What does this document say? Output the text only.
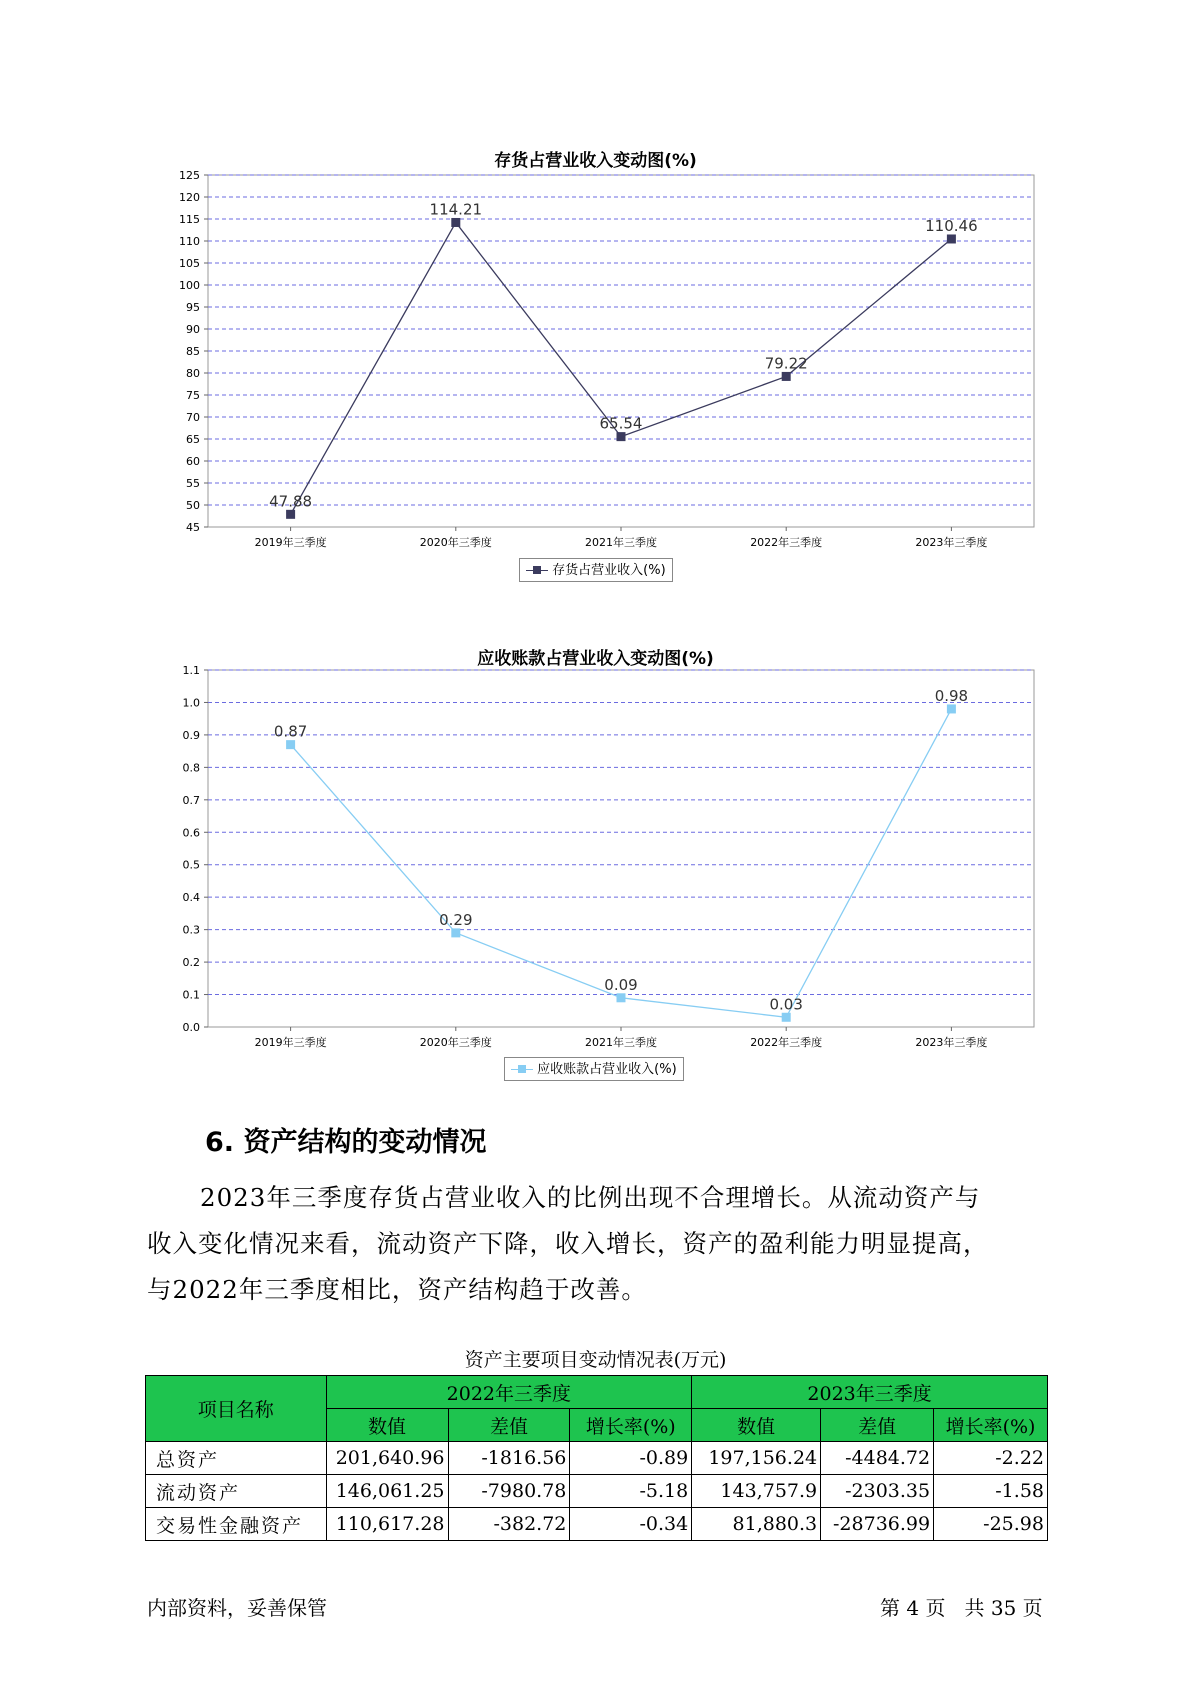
存货占营业收入变动图(%)
45
50
55
60
65
70
75
80
85
90
95
100
105
110
115
120
125
2019年三季度	2020年三季度	2021年三季度	2022年三季度	2023年三季度
47.88
114.21
65.54
79.22
110.46
存货占营业收入(%)
应收账款占营业收入变动图(%)
0.0
0.1
0.2
0.3
0.4
0.5
0.6
0.7
0.8
0.9
1.0
1.1
2019年三季度	2020年三季度	2021年三季度	2022年三季度	2023年三季度
0.87
0.29
0.09
0.03
0.98
应收账款占营业收入(%)
6. 资产结构的变动情况
2023年三季度存货占营业收入的比例出现不合理增长。从流动资产与
收入变化情况来看，流动资产下降，收入增长，资产的盈利能力明显提高，
与2022年三季度相比，资产结构趋于改善。
资产主要项目变动情况表(万元)
项目名称	2022年三季度			2023年三季度		
	数值	差值	增长率(%)	数值	差值	增长率(%)
总资产	201,640.96	-1816.56	-0.89	197,156.24	-4484.72	-2.22
流动资产	146,061.25	-7980.78	-5.18	143,757.9	-2303.35	-1.58
交易性金融资产	110,617.28	-382.72	-0.34	81,880.3	-28736.99	-25.98
内部资料，妥善保管	第 4 页   共 35 页
